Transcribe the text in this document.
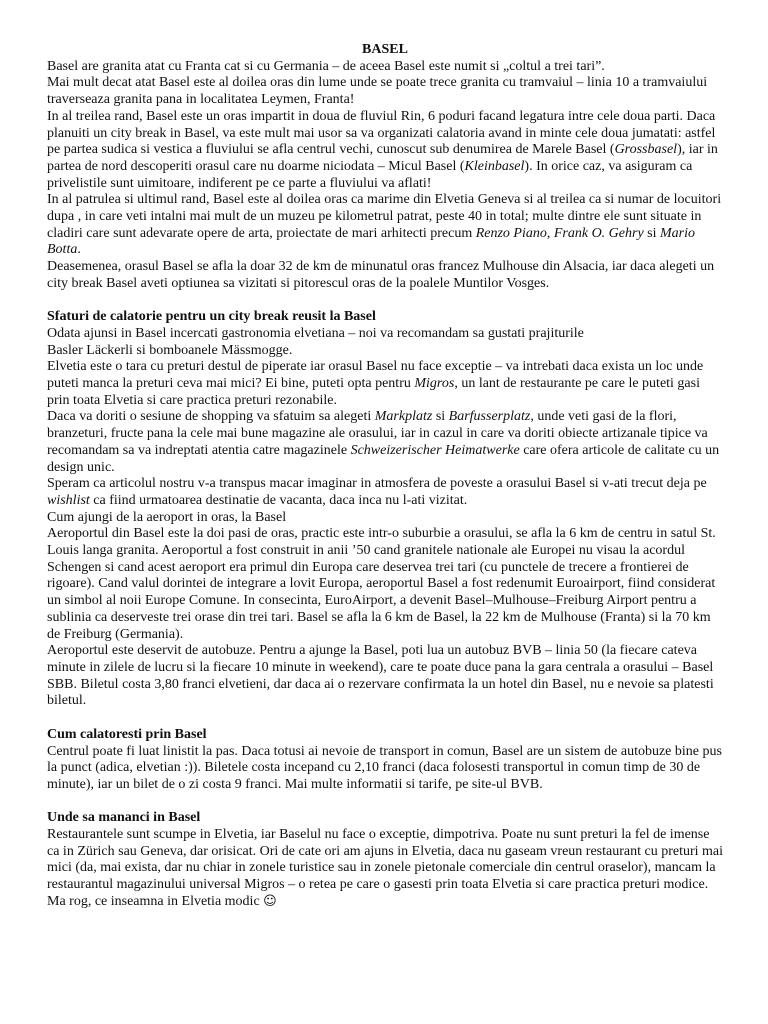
BASEL

Basel are granita atat cu Franta cat si cu Germania – de aceea Basel este numit si „coltul a trei tari”.

Mai mult decat atat Basel este al doilea oras din lume unde se poate trece granita cu tramvaiul – linia 10 a tramvaiului traverseaza granita pana in localitatea Leymen, Franta!

In al treilea rand, Basel este un oras impartit in doua de fluviul Rin, 6 poduri facand legatura intre cele doua parti. Daca planuiti un city break in Basel, va este mult mai usor sa va organizati calatoria avand in minte cele doua jumatati: astfel pe partea sudica si vestica a fluviului se afla centrul vechi, cunoscut sub denumirea de Marele Basel (Grossbasel), iar in partea de nord descoperiti orasul care nu doarme niciodata – Micul Basel (Kleinbasel). In orice caz, va asiguram ca privelistile sunt uimitoare, indiferent pe ce parte a fluviului va aflati!

In al patrulea si ultimul rand, Basel este al doilea oras ca marime din Elvetia Geneva si al treilea ca si numar de locuitori dupa , in care veti intalni mai mult de un muzeu pe kilometrul patrat, peste 40 in total; multe dintre ele sunt situate in cladiri care sunt adevarate opere de arta, proiectate de mari arhitecti precum Renzo Piano, Frank O. Gehry si Mario Botta.

Deasemenea, orasul Basel se afla la doar 32 de km de minunatul oras francez Mulhouse din Alsacia, iar daca alegeti un city break Basel aveti optiunea sa vizitati si pitorescul oras de la poalele Muntilor Vosges.

Sfaturi de calatorie pentru un city break reusit la Basel

Odata ajunsi in Basel incercati gastronomia elvetiana – noi va recomandam sa gustati prajiturile

Basler Läckerli si bomboanele Mässmogge.

Elvetia este o tara cu preturi destul de piperate iar orasul Basel nu face exceptie – va intrebati daca exista un loc unde puteti manca la preturi ceva mai mici? Ei bine, puteti opta pentru Migros, un lant de restaurante pe care le puteti gasi prin toata Elvetia si care practica preturi rezonabile.

Daca va doriti o sesiune de shopping va sfatuim sa alegeti Markplatz si Barfusserplatz, unde veti gasi de la flori, branzeturi, fructe pana la cele mai bune magazine ale orasului, iar in cazul in care va doriti obiecte artizanale tipice va recomandam sa va indreptati atentia catre magazinele Schweizerischer Heimatwerke care ofera articole de calitate cu un design unic.

Speram ca articolul nostru v-a transpus macar imaginar in atmosfera de poveste a orasului Basel si v-ati trecut deja pe wishlist ca fiind urmatoarea destinatie de vacanta, daca inca nu l-ati vizitat.

Cum ajungi de la aeroport in oras, la Basel

Aeroportul din Basel este la doi pasi de oras, practic este intr-o suburbie a orasului, se afla la 6 km de centru in satul St. Louis langa granita. Aeroportul a fost construit in anii ’50 cand granitele nationale ale Europei nu visau la acordul Schengen si cand acest aeroport era primul din Europa care deservea trei tari (cu punctele de trecere a frontierei de rigoare). Cand valul dorintei de integrare a lovit Europa, aeroportul Basel a fost redenumit Euroairport, fiind considerat un simbol al noii Europe Comune. In consecinta, EuroAirport, a devenit Basel–Mulhouse–Freiburg Airport pentru a sublinia ca deserveste trei orase din trei tari. Basel se afla la 6 km de Basel, la 22 km de Mulhouse (Franta) si la 70 km de Freiburg (Germania).

Aeroportul este deservit de autobuze. Pentru a ajunge la Basel, poti lua un autobuz BVB – linia 50 (la fiecare cateva minute in zilele de lucru si la fiecare 10 minute in weekend), care te poate duce pana la gara centrala a orasului – Basel SBB. Biletul costa 3,80 franci elvetieni, dar daca ai o rezervare confirmata la un hotel din Basel, nu e nevoie sa platesti biletul.

Cum calatoresti prin Basel

Centrul poate fi luat linistit la pas. Daca totusi ai nevoie de transport in comun, Basel are un sistem de autobuze bine pus la punct (adica, elvetian :)). Biletele costa incepand cu 2,10 franci (daca folosesti transportul in comun timp de 30 de minute), iar un bilet de o zi costa 9 franci. Mai multe informatii si tarife, pe site-ul BVB.

Unde sa mananci in Basel

Restaurantele sunt scumpe in Elvetia, iar Baselul nu face o exceptie, dimpotriva. Poate nu sunt preturi la fel de imense ca in Zürich sau Geneva, dar orisicat. Ori de cate ori am ajuns in Elvetia, daca nu gaseam vreun restaurant cu preturi mai mici (da, mai exista, dar nu chiar in zonele turistice sau in zonele pietonale comerciale din centrul oraselor), mancam la restaurantul magazinului universal Migros – o retea pe care o gasesti prin toata Elvetia si care practica preturi modice. Ma rog, ce inseamna in Elvetia modic ☺
